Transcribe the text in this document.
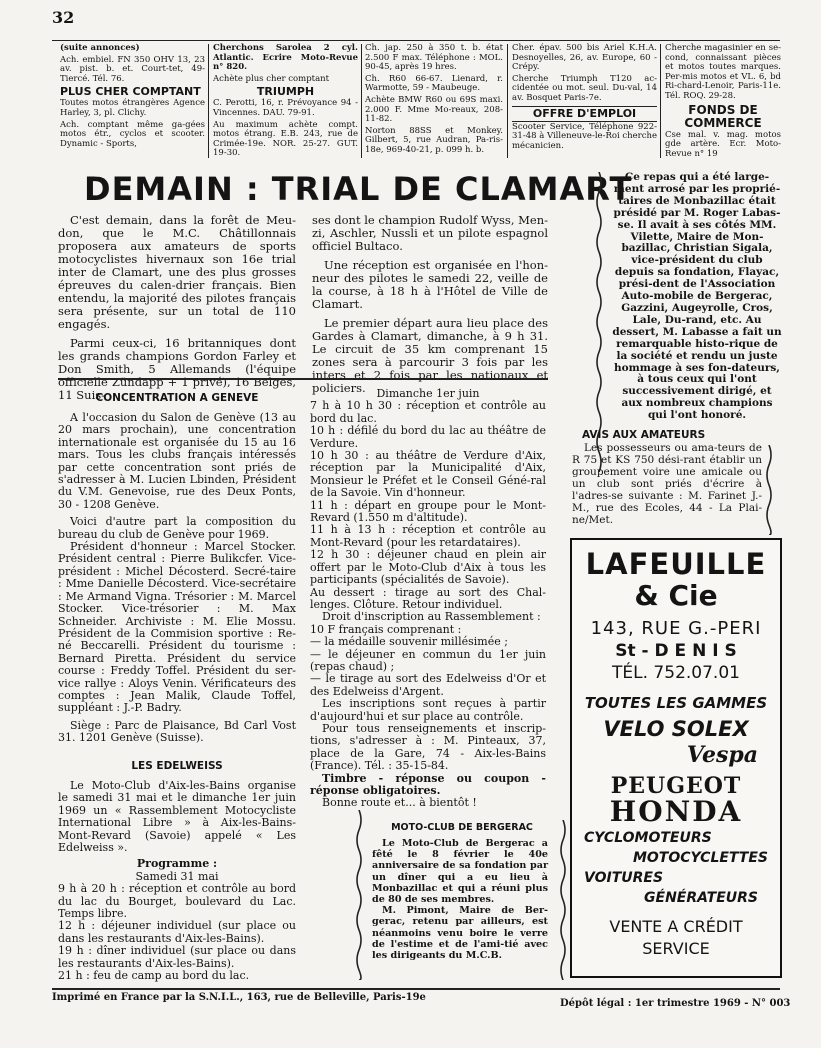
32

(suite annonces)

Ach. embiel. FN 350 OHV 13, 23 av. pist. b. et. Court-tet, 49-Tiercé. Tél. 76.

PLUS CHER COMPTANT

Toutes motos étrangères Agence Harley, 3, pl. Clichy.

Ach. comptant même ga-gées motos étr., cyclos et scooter. Dynamic - Sports,

Cherchons Sarolea 2 cyl. Atlantic. Ecrire Moto-Revue n° 820.

Achète plus cher comptant

TRIUMPH

C. Perotti, 16, r. Prévoyance 94 - Vincennes. DAU. 79-91.

Au maximum achète compt. motos étrang. E.B. 243, rue de Crimée-19e. NOR. 25-27. GUT. 19-30.

Ch. jap. 250 à 350 t. b. état 2.500 F max. Téléphone : MOL. 90-45, après 19 hres.

Ch. R60 66-67. Lienard, r. Warmotte, 59 - Maubeuge.

Achète BMW R60 ou 69S maxi. 2.000 F. Mme Mo-reaux, 208-11-82.

Norton 88SS et Monkey. Gilbert, 5, rue Audran, Pa-ris-18e, 969-40-21, p. 099 h. b.

Cher. épav. 500 bis Ariel K.H.A. Desnoyelles, 26, av. Europe, 60 - Crépy.

Cherche Triumph T120 ac-cidentée ou mot. seul. Du-val, 14 av. Bosquet Paris-7e.

OFFRE D'EMPLOI

Scooter Service, Téléphone 922-31-48 à Villeneuve-le-Roi cherche mécanicien.

Cherche magasinier en se-cond, connaissant pièces et motos toutes marques. Per-mis motos et VL. 6, bd Ri-chard-Lenoir, Paris-11e. Tél. ROQ. 29-28.

FONDS DE COMMERCE

Cse mal. v. mag. motos gde artère. Ecr. Moto-Revue n° 19

DEMAIN : TRIAL DE CLAMART

C'est demain, dans la forêt de Meu-don, que le M.C. Châtillonnais proposera aux amateurs de sports motocyclistes hivernaux son 16e trial inter de Clamart, une des plus grosses épreuves du calen-drier français. Bien entendu, la majorité des pilotes français sera présente, sur un total de 110 engagés.

Parmi ceux-ci, 16 britanniques dont les grands champions Gordon Farley et Don Smith, 5 Allemands (l'équipe officielle Zündapp + 1 privé), 16 Belges, 11 Suis-

ses dont le champion Rudolf Wyss, Men-zi, Aschler, Nussli et un pilote espagnol officiel Bultaco.

Une réception est organisée en l'hon-neur des pilotes le samedi 22, veille de la course, à 18 h à l'Hôtel de Ville de Clamart.

Le premier départ aura lieu place des Gardes à Clamart, dimanche, à 9 h 31. Le circuit de 35 km comprenant 15 zones sera à parcourir 3 fois par les inters et 2 fois par les nationaux et policiers.

Ce repas qui a été large-ment arrosé par les proprié-taires de Monbazillac était présidé par M. Roger Labas-se. Il avait à ses côtés MM. Vilette, Maire de Mon-bazillac, Christian Sigala, vice-président du club depuis sa fondation, Flayac, prési-dent de l'Association Auto-mobile de Bergerac, Gazzini, Augeyrolle, Cros, Lale, Du-rand, etc. Au dessert, M. Labasse a fait un remarquable histo-rique de la société et rendu un juste hommage à ses fon-dateurs, à tous ceux qui l'ont successivement dirigé, et aux nombreux champions qui l'ont honoré.
CONCENTRATION A GENEVE

A l'occasion du Salon de Genève (13 au 20 mars prochain), une concentration internationale est organisée du 15 au 16 mars. Tous les clubs français intéressés par cette concentration sont priés de s'adresser à M. Lucien Lbinden, Président du V.M. Genevoise, rue des Deux Ponts, 30 - 1208 Genève.

Voici d'autre part la composition du bureau du club de Genève pour 1969.

Président d'honneur : Marcel Stocker. Président central : Pierre Bulikcfer. Vice-président : Michel Décosterd. Secré-taire : Mme Danielle Décosterd. Vice-secrétaire : Me Armand Vigna. Trésorier : M. Marcel Stocker. Vice-trésorier : M. Max Schneider. Archiviste : M. Elie Mossu. Président de la Commision sportive : Re-né Beccarelli. Président du tourisme : Bernard Piretta. Président du service course : Freddy Toffel. Président du ser-vice rallye : Aloys Venin. Vérificateurs des comptes : Jean Malik, Claude Toffel, suppléant : J.-P. Badry.

Siège : Parc de Plaisance, Bd Carl Vost 31. 1201 Genève (Suisse).

LES EDELWEISS

Le Moto-Club d'Aix-les-Bains organise le samedi 31 mai et le dimanche 1er juin 1969 un « Rassemblement Motocycliste International Libre » à Aix-les-Bains-Mont-Revard (Savoie) appelé « Les Edelweiss ».

Programme :

Samedi 31 mai

9 h à 20 h : réception et contrôle au bord du lac du Bourget, boulevard du Lac. Temps libre.

12 h : déjeuner individuel (sur place ou dans les restaurants d'Aix-les-Bains).

19 h : dîner individuel (sur place ou dans les restaurants d'Aix-les-Bains).

21 h : feu de camp au bord du lac.

Dimanche 1er juin

7 h à 10 h 30 : réception et contrôle au bord du lac.

10 h : défilé du bord du lac au théâtre de Verdure.

10 h 30 : au théâtre de Verdure d'Aix, réception par la Municipalité d'Aix, Monsieur le Préfet et le Conseil Géné-ral de la Savoie. Vin d'honneur.

11 h : départ en groupe pour le Mont-Revard (1.550 m d'altitude).

11 h à 13 h : réception et contrôle au Mont-Revard (pour les retardataires).

12 h 30 : déjeuner chaud en plein air offert par le Moto-Club d'Aix à tous les participants (spécialités de Savoie).

Au dessert : tirage au sort des Chal-lenges. Clôture. Retour individuel.

Droit d'inscription au Rassemblement :

10 F français comprenant :

— la médaille souvenir millésimée ;

— le déjeuner en commun du 1er juin (repas chaud) ;

— le tirage au sort des Edelweiss d'Or et des Edelweiss d'Argent.

Les inscriptions sont reçues à partir d'aujourd'hui et sur place au contrôle.

Pour tous renseignements et inscrip-tions, s'adresser à : M. Pinteaux, 37, place de la Gare, 74 - Aix-les-Bains (France). Tél. : 35-15-84.

Timbre - réponse ou coupon - réponse obligatoires.

Bonne route et... à bientôt !

MOTO-CLUB DE BERGERAC

Le Moto-Club de Bergerac a fêté le 8 février le 40e anniversaire de sa fondation par un dîner qui a eu lieu à Monbazillac et qui a réuni plus de 80 de ses membres.

M. Pimont, Maire de Ber-gerac, retenu par ailleurs, est néanmoins venu boire le verre de l'estime et de l'ami-tié avec les dirigeants du M.C.B.

AVIS AUX AMATEURS
Les possesseurs ou ama-teurs de R 75 et KS 750 dési-rant établir un groupement voire une amicale ou un club sont priés d'écrire à l'adres-se suivante : M. Farinet J.-M., rue des Ecoles, 44 - La Plai-ne/Met.
LAFEUILLE
& Cie
143, RUE G.-PERI
St - D E N I S
TÉL. 752.07.01
TOUTES LES GAMMES
VELO SOLEX
Vespa
PEUGEOT
HONDA
CYCLOMOTEURS
MOTOCYCLETTES
VOITURES
GÉNÉRATEURS
VENTE A CRÉDIT
SERVICE
Imprimé en France par la S.N.I.L., 163, rue de Belleville, Paris-19e
Dépôt légal : 1er trimestre 1969 - N° 003
